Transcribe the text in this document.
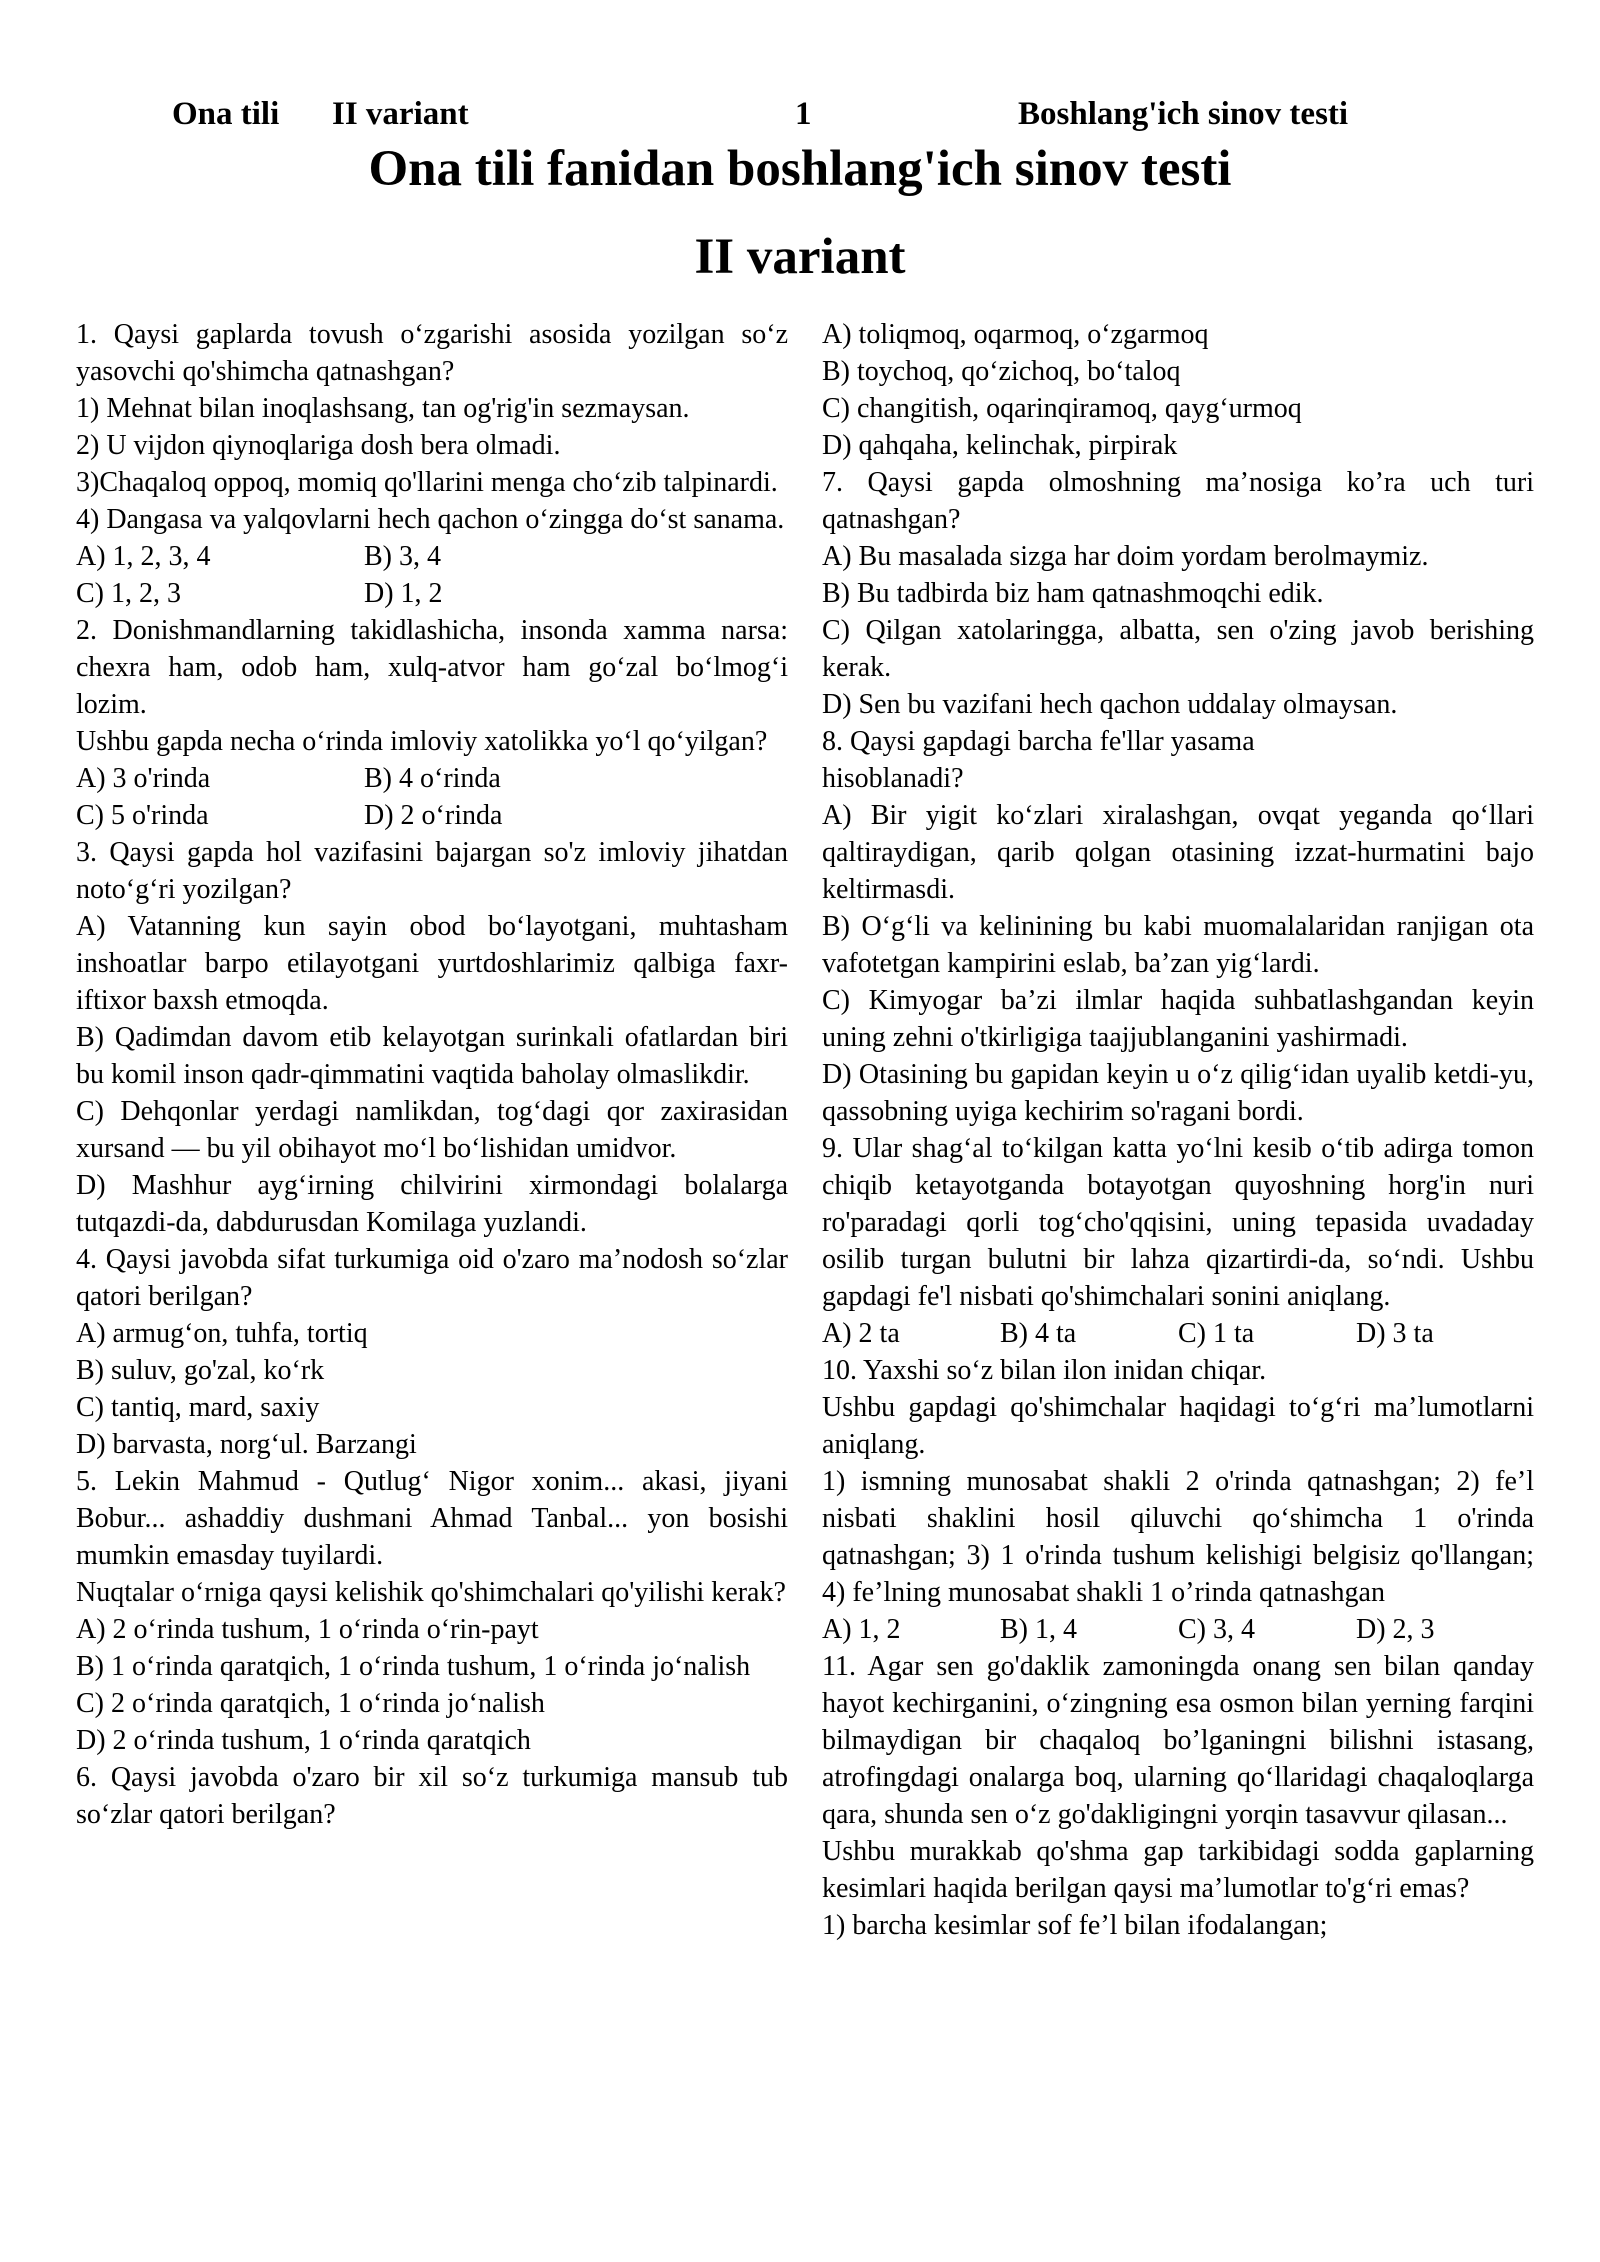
Ona tili II variant	1	Boshlang'ich sinov testi
Ona tili fanidan boshlang'ich sinov testi
II variant

1. Qaysi gaplarda tovush o‘zgarishi asosida yozilgan so‘z yasovchi qo'shimcha qatnashgan?

1) Mehnat bilan inoqlashsang, tan og'rig'in sezmaysan.

2) U vijdon qiynoqlariga dosh bera olmadi.

3)Chaqaloq oppoq, momiq qo'llarini menga cho‘zib talpinardi.

4) Dangasa va yalqovlarni hech qachon o‘zingga do‘st sanama.

A) 1, 2, 3, 4	B) 3, 4
C) 1, 2, 3	D) 1, 2

2. Donishmandlarning takidlashicha, insonda xamma narsa: chexra ham, odob ham, xulq-atvor ham go‘zal bo‘lmog‘i lozim.

Ushbu gapda necha o‘rinda imloviy xatolikka yo‘l qo‘yilgan?

A) 3 o'rinda	B) 4 o‘rinda
C) 5 o'rinda	D) 2 o‘rinda

3. Qaysi gapda hol vazifasini bajargan so'z imloviy jihatdan noto‘g‘ri yozilgan?

A) Vatanning kun sayin obod bo‘layotgani, muhtasham inshoatlar barpo etilayotgani yurtdoshlarimiz qalbiga faxr-iftixor baxsh etmoqda.

B) Qadimdan davom etib kelayotgan surinkali ofatlardan biri bu komil inson qadr-qimmatini vaqtida baholay olmaslikdir.

C) Dehqonlar yerdagi namlikdan, tog‘dagi qor zaxirasidan xursand — bu yil obihayot mo‘l bo‘lishidan umidvor.

D) Mashhur ayg‘irning chilvirini xirmondagi bolalarga tutqazdi-da, dabdurusdan Komilaga yuzlandi.

4. Qaysi javobda sifat turkumiga oid o'zaro ma’nodosh so‘zlar qatori berilgan?

A) armug‘on, tuhfa, tortiq

B) suluv, go'zal, ko‘rk

C) tantiq, mard, saxiy

D) barvasta, norg‘ul. Barzangi

5. Lekin Mahmud - Qutlug‘ Nigor xonim... akasi, jiyani Bobur... ashaddiy dushmani Ahmad Tanbal... yon bosishi mumkin emasday tuyilardi.

Nuqtalar o‘rniga qaysi kelishik qo'shimchalari qo'yilishi kerak?

A) 2 o‘rinda tushum, 1 o‘rinda o‘rin-payt

B) 1 o‘rinda qaratqich, 1 o‘rinda tushum, 1 o‘rinda jo‘nalish

C) 2 o‘rinda qaratqich, 1 o‘rinda jo‘nalish

D) 2 o‘rinda tushum, 1 o‘rinda qaratqich

6. Qaysi javobda o'zaro bir xil so‘z turkumiga mansub tub so‘zlar qatori berilgan?

A) toliqmoq, oqarmoq, o‘zgarmoq

B) toychoq, qo‘zichoq, bo‘taloq

C) changitish, oqarinqiramoq, qayg‘urmoq

D) qahqaha, kelinchak, pirpirak

7. Qaysi gapda olmoshning ma’nosiga ko’ra uch turi qatnashgan?

A) Bu masalada sizga har doim yordam berolmaymiz.

B) Bu tadbirda biz ham qatnashmoqchi edik.

C) Qilgan xatolaringga, albatta, sen o'zing javob berishing kerak.

D) Sen bu vazifani hech qachon uddalay olmaysan.

8. Qaysi gapdagi barcha fe'llar yasama

hisoblanadi?

A) Bir yigit ko‘zlari xiralashgan, ovqat yeganda qo‘llari qaltiraydigan, qarib qolgan otasining izzat-hurmatini bajo keltirmasdi.

B) O‘g‘li va kelinining bu kabi muomalalaridan ranjigan ota vafotetgan kampirini eslab, ba’zan yig‘lardi.

C) Kimyogar ba’zi ilmlar haqida suhbatlashgandan keyin uning zehni o'tkirligiga taajjublanganini yashirmadi.

D) Otasining bu gapidan keyin u o‘z qilig‘idan uyalib ketdi-yu, qassobning uyiga kechirim so'ragani bordi.

9. Ular shag‘al to‘kilgan katta yo‘lni kesib o‘tib adirga tomon chiqib ketayotganda botayotgan quyoshning horg'in nuri ro'paradagi qorli tog‘cho'qqisini, uning tepasida uvadaday osilib turgan bulutni bir lahza qizartirdi-da, so‘ndi. Ushbu gapdagi fe'l nisbati qo'shimchalari sonini aniqlang.

A) 2 ta	B) 4 ta	C) 1 ta	D) 3 ta

10. Yaxshi so‘z bilan ilon inidan chiqar.

Ushbu gapdagi qo'shimchalar haqidagi to‘g‘ri ma’lumotlarni aniqlang.

1) ismning munosabat shakli 2 o'rinda qatnashgan; 2) fe’l nisbati shaklini hosil qiluvchi qo‘shimcha 1 o'rinda qatnashgan; 3) 1 o'rinda tushum kelishigi belgisiz qo'llangan; 4) fe’lning munosabat shakli 1 o’rinda qatnashgan

A) 1, 2	B) 1, 4	C) 3, 4	D) 2, 3

11. Agar sen go'daklik zamoningda onang sen bilan qanday hayot kechirganini, o‘zingning esa osmon bilan yerning farqini bilmaydigan bir chaqaloq bo’lganingni bilishni istasang, atrofingdagi onalarga boq, ularning qo‘llaridagi chaqaloqlarga qara, shunda sen o‘z go'dakligingni yorqin tasavvur qilasan...

Ushbu murakkab qo'shma gap tarkibidagi sodda gaplarning kesimlari haqida berilgan qaysi ma’lumotlar to'g‘ri emas?

1) barcha kesimlar sof fe’l bilan ifodalangan;
